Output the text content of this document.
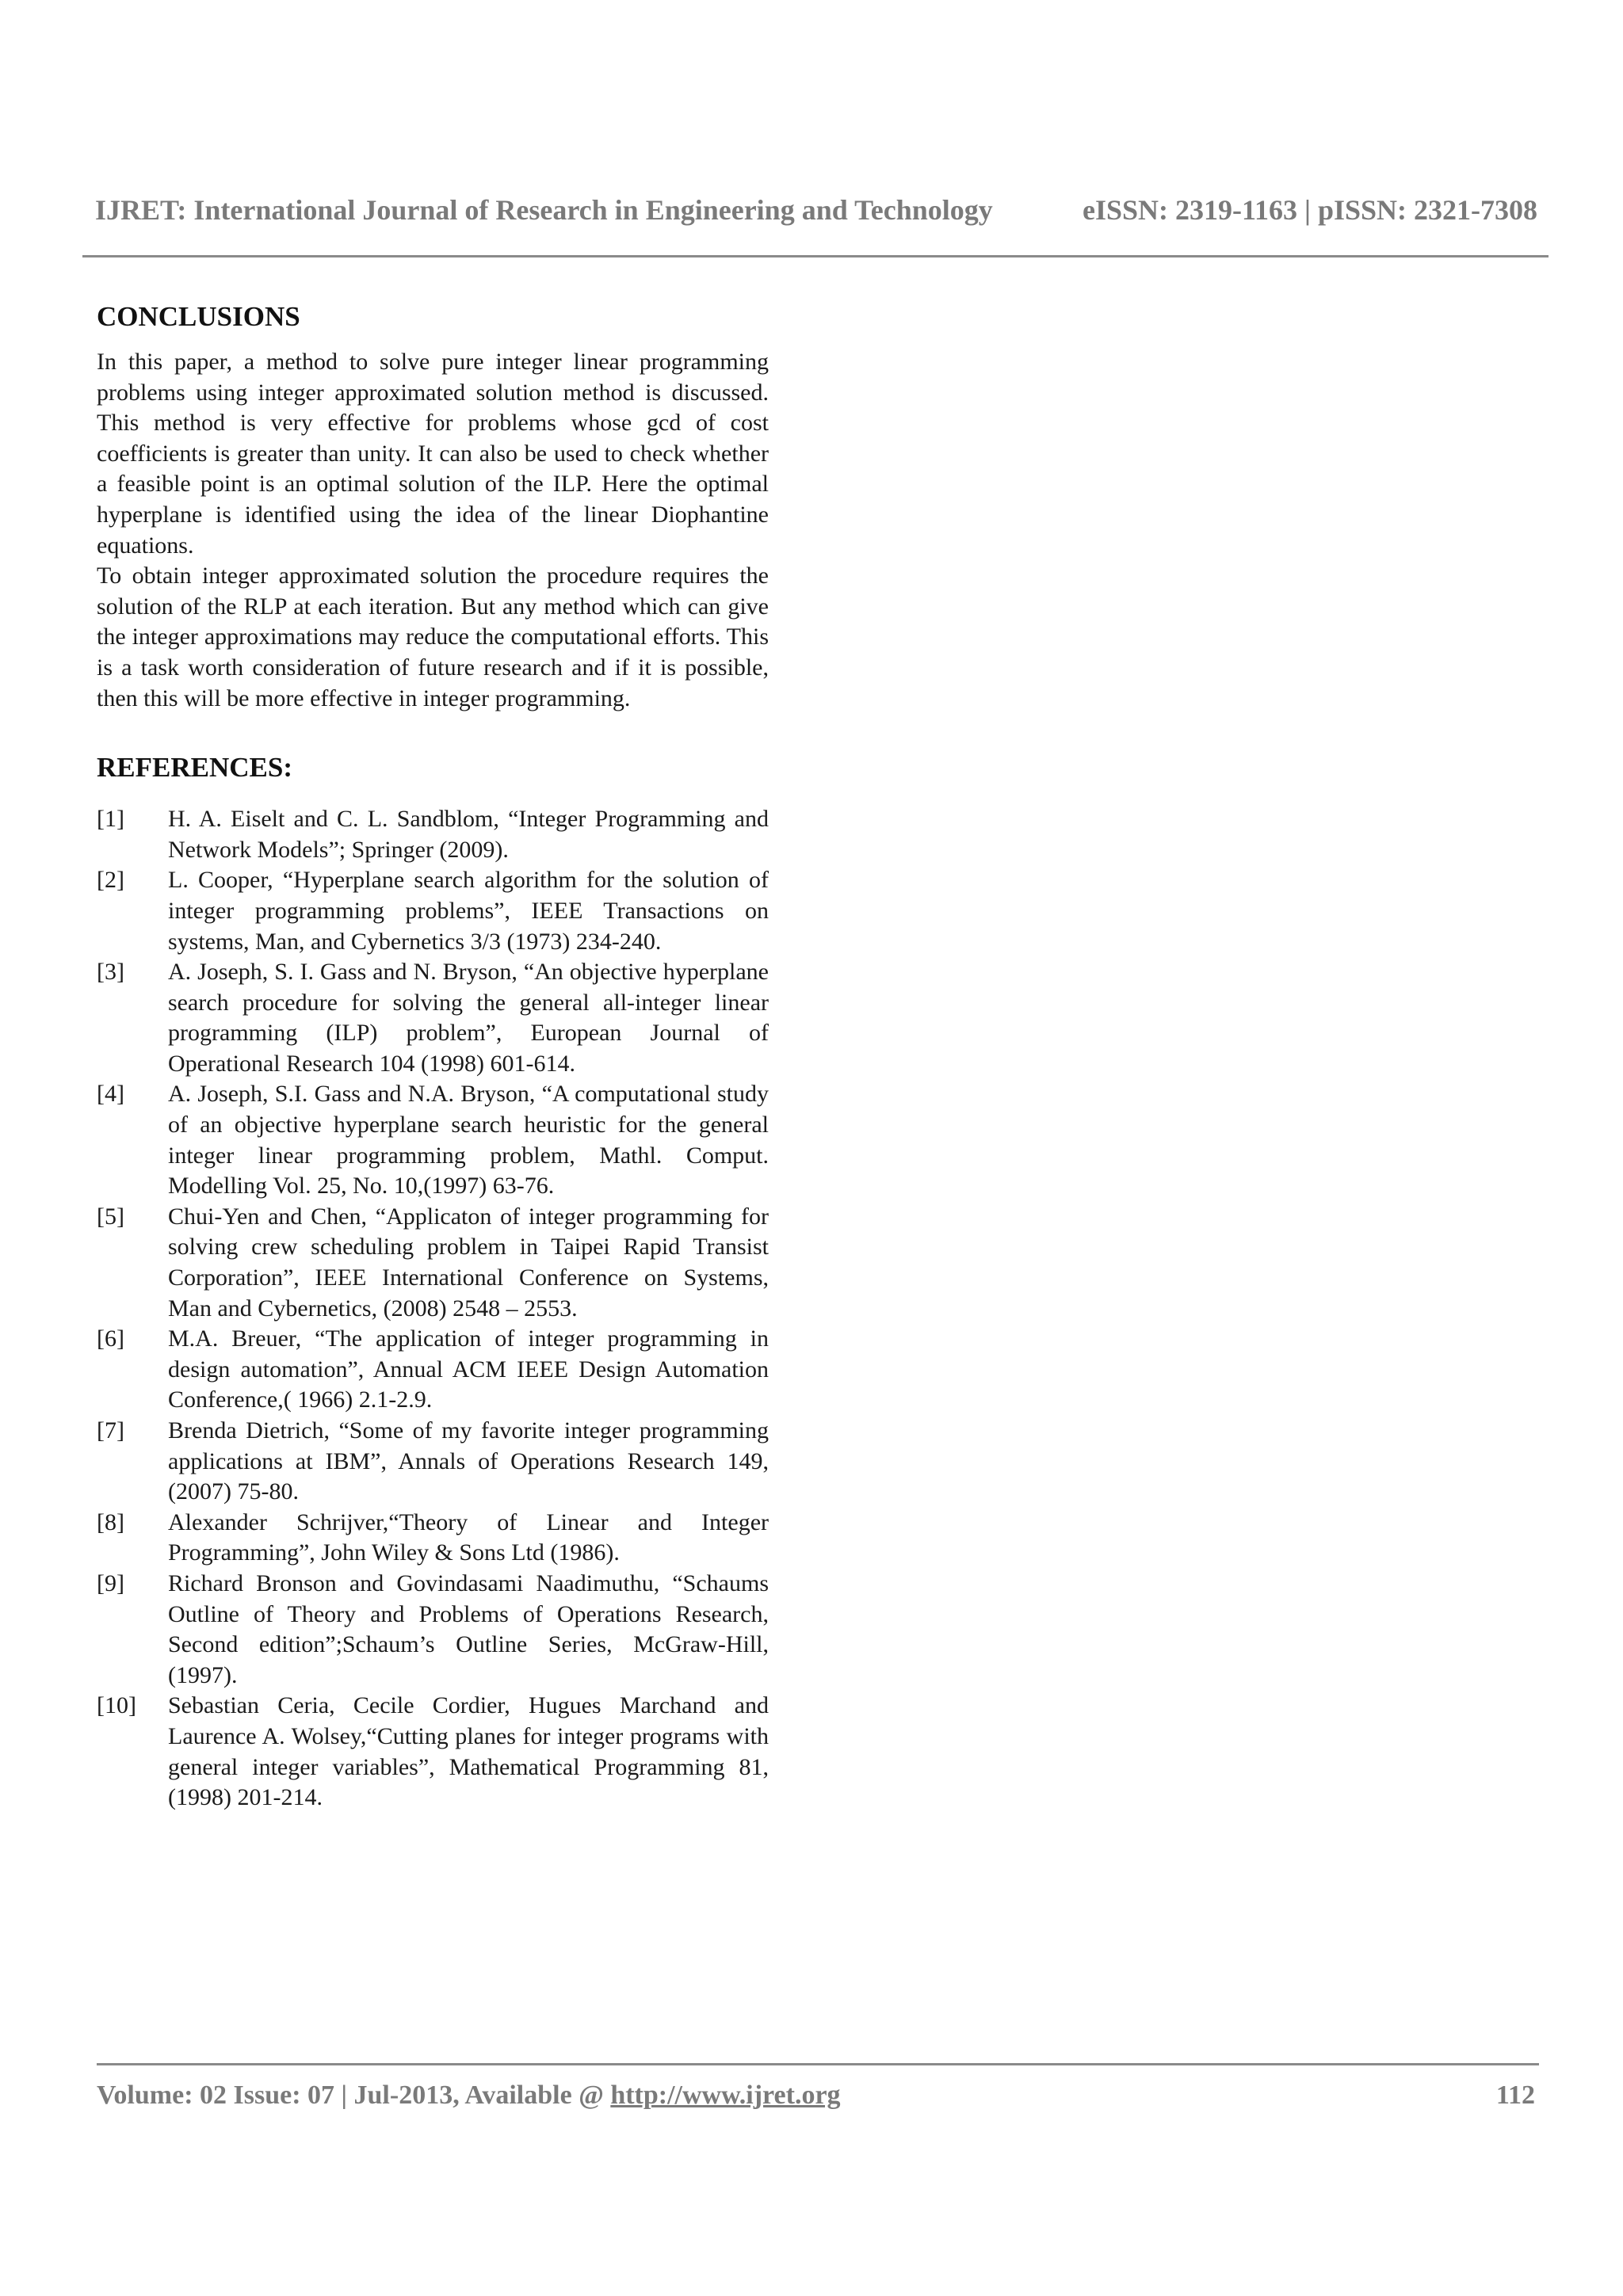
IJRET: International Journal of Research in Engineering and Technology	eISSN: 2319-1163 | pISSN: 2321-7308
CONCLUSIONS

In this paper, a method to solve pure integer linear programming problems using integer approximated solution method is discussed. This method is very effective for problems whose gcd of cost coefficients is greater than unity. It can also be used to check whether a feasible point is an optimal solution of the ILP. Here the optimal hyperplane is identified using the idea of the linear Diophantine equations.

To obtain integer approximated solution the procedure requires the solution of the RLP at each iteration. But any method which can give the integer approximations may reduce the computational efforts. This is a task worth consideration of future research and if it is possible, then this will be more effective in integer programming.

REFERENCES:
[1]	H. A. Eiselt and C. L. Sandblom, “Integer Programming and Network Models”; Springer (2009).
[2]	L. Cooper, “Hyperplane search algorithm for the solution of integer programming problems”, IEEE Transactions on systems, Man, and Cybernetics 3/3 (1973) 234-240.
[3]	A. Joseph, S. I. Gass and N. Bryson, “An objective hyperplane search procedure for solving the general all-integer linear programming (ILP) problem”, European Journal of Operational Research 104 (1998) 601-614.
[4]	A. Joseph, S.I. Gass and N.A. Bryson, “A computational study of an objective hyperplane search heuristic for the general integer linear programming problem, Mathl. Comput. Modelling Vol. 25, No. 10,(1997) 63-76.
[5]	Chui-Yen and Chen, “Applicaton of integer programming for solving crew scheduling problem in Taipei Rapid Transist Corporation”, IEEE International Conference on Systems, Man and Cybernetics, (2008) 2548 – 2553.
[6]	M.A. Breuer, “The application of integer programming in design automation”, Annual ACM IEEE Design Automation Conference,( 1966) 2.1-2.9.
[7]	Brenda Dietrich, “Some of my favorite integer programming applications at IBM”, Annals of Operations Research 149,(2007) 75-80.
[8]	Alexander Schrijver,“Theory of Linear and Integer Programming”, John Wiley & Sons Ltd (1986).
[9]	Richard Bronson and Govindasami Naadimuthu, “Schaums Outline of Theory and Problems of Operations Research, Second edition”;Schaum’s Outline Series, McGraw-Hill, (1997).
[10]	Sebastian Ceria, Cecile Cordier, Hugues Marchand and Laurence A. Wolsey,“Cutting planes for integer programs with general integer variables”, Mathematical Programming 81, (1998) 201-214.
Volume: 02 Issue: 07 | Jul-2013, Available @ http://www.ijret.org	112
